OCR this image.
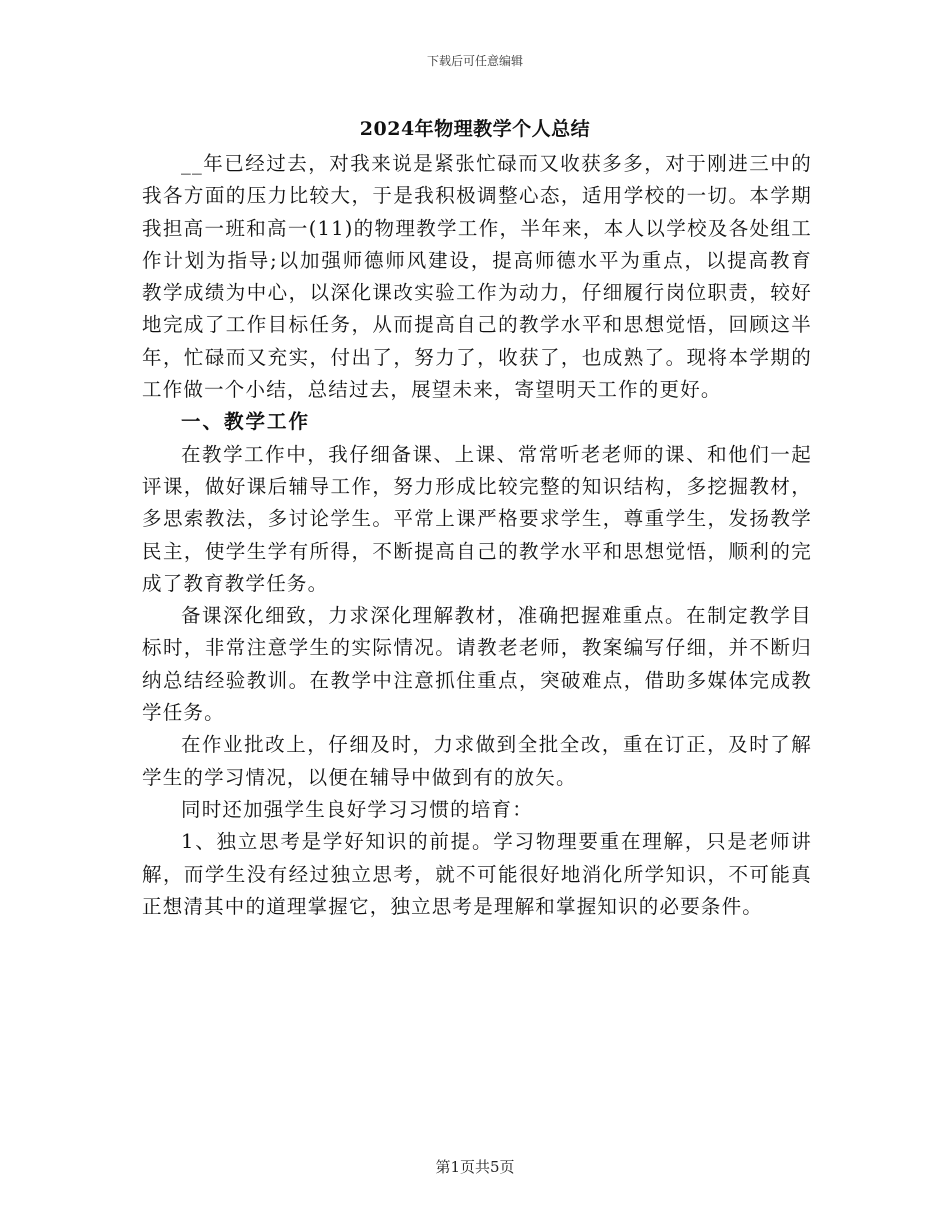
下载后可任意编辑
2024年物理教学个人总结

__年已经过去，对我来说是紧张忙碌而又收获多多，对于刚进三中的我各方面的压力比较大，于是我积极调整心态，适用学校的一切。本学期我担高一班和高一(11)的物理教学工作，半年来，本人以学校及各处组工作计划为指导;以加强师德师风建设，提高师德水平为重点，以提高教育教学成绩为中心，以深化课改实验工作为动力，仔细履行岗位职责，较好地完成了工作目标任务，从而提高自己的教学水平和思想觉悟，回顾这半年，忙碌而又充实，付出了，努力了，收获了，也成熟了。现将本学期的工作做一个小结，总结过去，展望未来，寄望明天工作的更好。

一、教学工作

在教学工作中，我仔细备课、上课、常常听老老师的课、和他们一起评课，做好课后辅导工作，努力形成比较完整的知识结构，多挖掘教材，多思索教法，多讨论学生。平常上课严格要求学生，尊重学生，发扬教学民主，使学生学有所得，不断提高自己的教学水平和思想觉悟，顺利的完成了教育教学任务。

备课深化细致，力求深化理解教材，准确把握难重点。在制定教学目标时，非常注意学生的实际情况。请教老老师，教案编写仔细，并不断归纳总结经验教训。在教学中注意抓住重点，突破难点，借助多媒体完成教学任务。

在作业批改上，仔细及时，力求做到全批全改，重在订正，及时了解学生的学习情况，以便在辅导中做到有的放矢。

同时还加强学生良好学习习惯的培育：

1、独立思考是学好知识的前提。学习物理要重在理解，只是老师讲解，而学生没有经过独立思考，就不可能很好地消化所学知识，不可能真正想清其中的道理掌握它，独立思考是理解和掌握知识的必要条件。

第1页共5页
